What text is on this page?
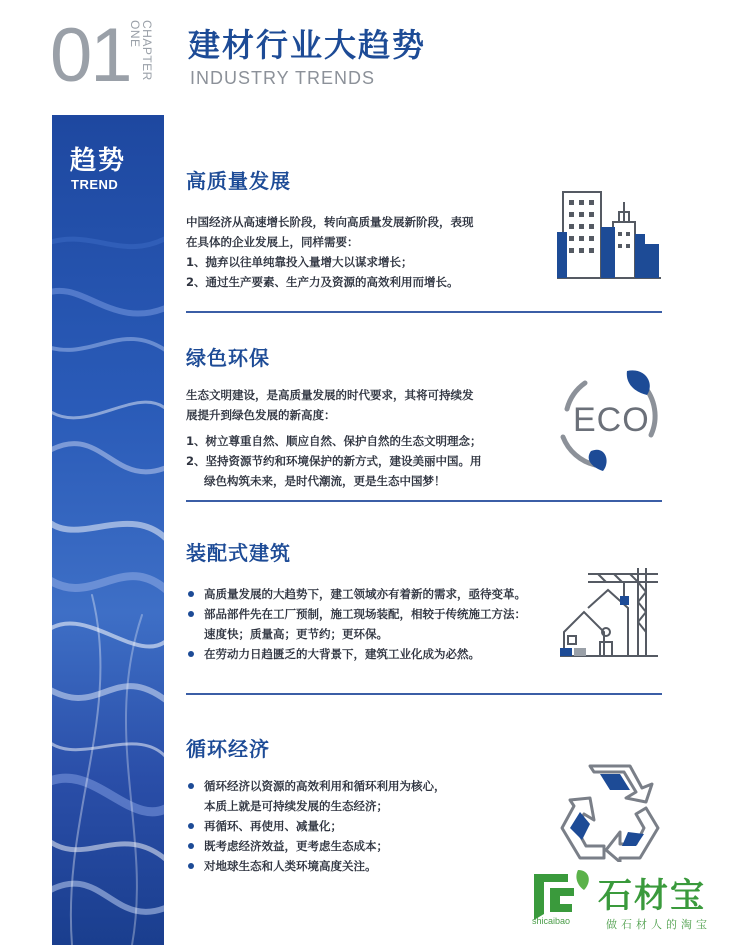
01 CHAPTER
ONE 建材行业大趋势
INDUSTRY TRENDS
趋势
TREND	高质量发展

中国经济从高速增长阶段，转向高质量发展新阶段，表现

在具体的企业发展上，同样需要：

1、抛弃以往单纯靠投入量增大以谋求增长；

2、通过生产要素、生产力及资源的高效利用而增长。

绿色环保

生态文明建设，是高质量发展的时代要求，其将可持续发

展提升到绿色发展的新高度：

1、树立尊重自然、顺应自然、保护自然的生态文明理念；

2、坚持资源节约和环境保护的新方式，建设美丽中国。用

绿色构筑未来，是时代潮流，更是生态中国梦！

ECO
装配式建筑
高质量发展的大趋势下，建工领域亦有着新的需求，亟待变革。
部品部件先在工厂预制，施工现场装配，相较于传统施工方法：
速度快；质量高；更节约；更环保。
在劳动力日趋匮乏的大背景下，建筑工业化成为必然。
循环经济
循环经济以资源的高效利用和循环利用为核心，
本质上就是可持续发展的生态经济；
再循环、再使用、减量化；
既考虑经济效益，更考虑生态成本；
对地球生态和人类环境高度关注。
石材宝
shicaibao	做石材人的淘宝
